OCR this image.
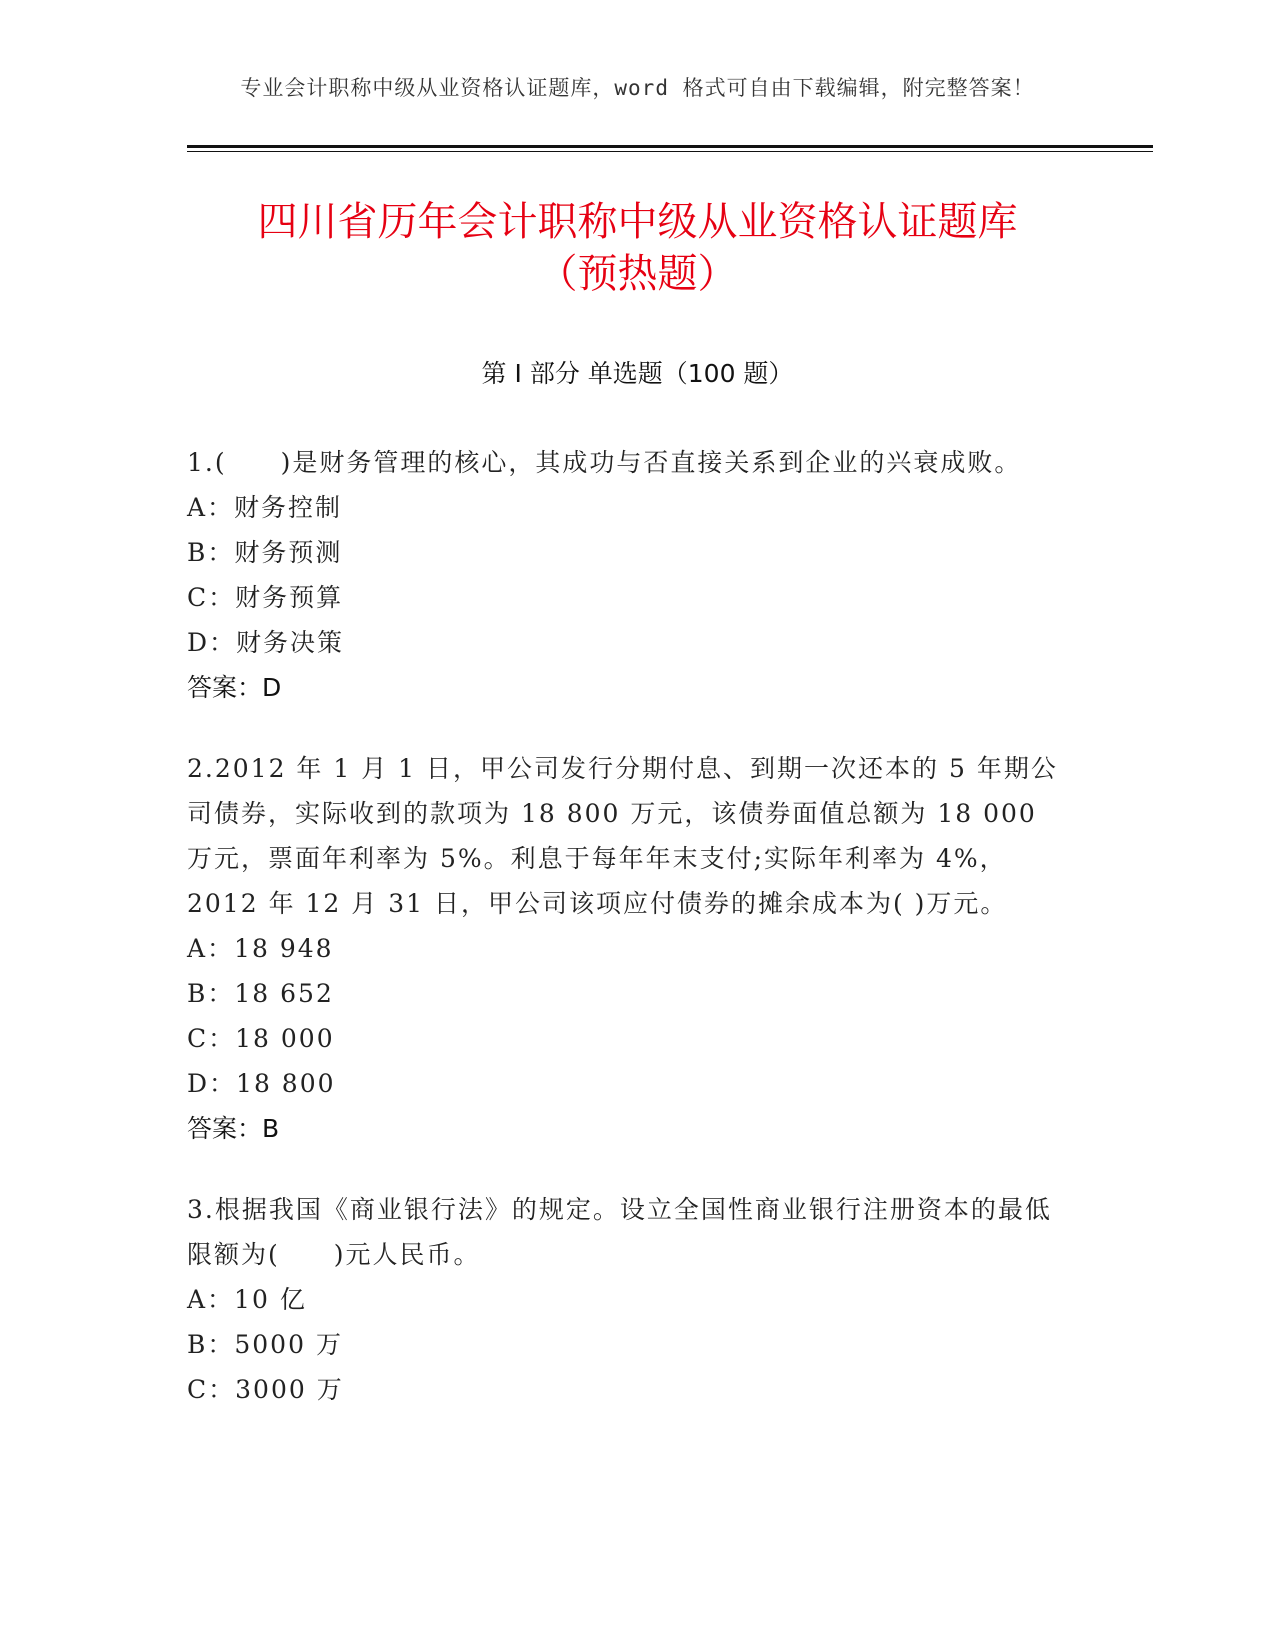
专业会计职称中级从业资格认证题库，word 格式可自由下载编辑，附完整答案！
四川省历年会计职称中级从业资格认证题库
（预热题）
第 I 部分 单选题（100 题）

1.(　　)是财务管理的核心，其成功与否直接关系到企业的兴衰成败。

A：财务控制

B：财务预测

C：财务预算

D：财务决策

答案：D

2.2012 年 1 月 1 日，甲公司发行分期付息、到期一次还本的 5 年期公司债券，实际收到的款项为 18 800 万元，该债券面值总额为 18 000 万元，票面年利率为 5%。利息于每年年末支付;实际年利率为 4%，2012 年 12 月 31 日，甲公司该项应付债券的摊余成本为( )万元。

A：18 948

B：18 652

C：18 000

D：18 800

答案：B

3.根据我国《商业银行法》的规定。设立全国性商业银行注册资本的最低限额为(　　)元人民币。

A：10 亿

B：5000 万

C：3000 万
